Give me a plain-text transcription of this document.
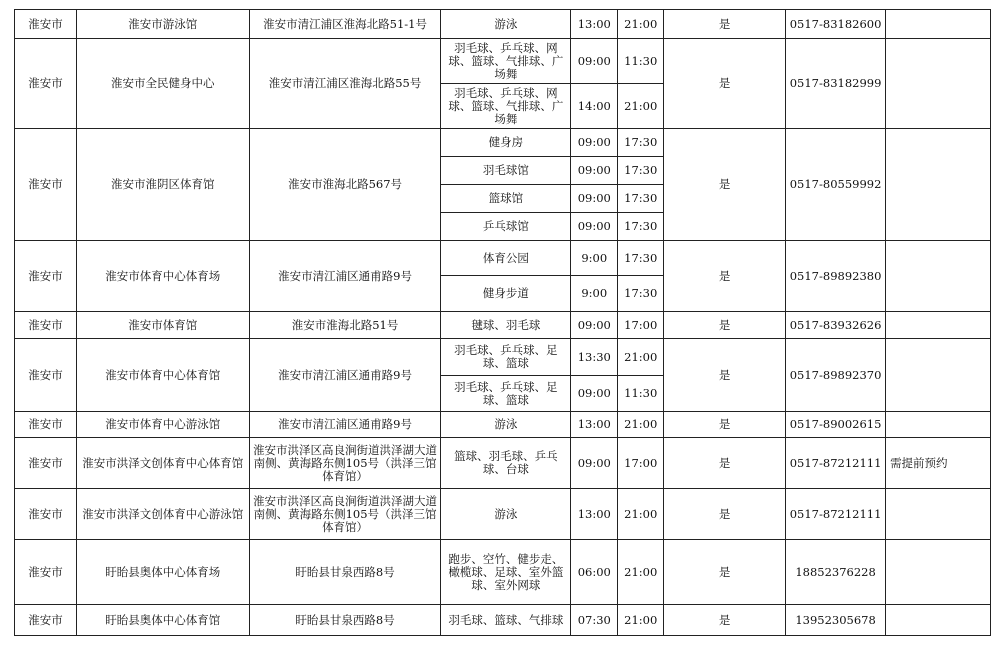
淮安市	淮安市游泳馆	淮安市清江浦区淮海北路51-1号	游泳	13:00	21:00	是	0517-83182600	
淮安市	淮安市全民健身中心	淮安市清江浦区淮海北路55号	羽毛球、乒乓球、网球、篮球、气排球、广场舞	09:00	11:30	是	0517-83182999	
			羽毛球、乒乓球、网球、篮球、气排球、广场舞	14:00	21:00			
淮安市	淮安市淮阴区体育馆	淮安市淮海北路567号	健身房	09:00	17:30	是	0517-80559992	
			羽毛球馆	09:00	17:30			
			篮球馆	09:00	17:30			
			乒乓球馆	09:00	17:30			
淮安市	淮安市体育中心体育场	淮安市清江浦区通甫路9号	体育公园	9:00	17:30	是	0517-89892380	
			健身步道	9:00	17:30			
淮安市	淮安市体育馆	淮安市淮海北路51号	毽球、羽毛球	09:00	17:00	是	0517-83932626	
淮安市	淮安市体育中心体育馆	淮安市清江浦区通甫路9号	羽毛球、乒乓球、足球、篮球	13:30	21:00	是	0517-89892370	
			羽毛球、乒乓球、足球、篮球	09:00	11:30			
淮安市	淮安市体育中心游泳馆	淮安市清江浦区通甫路9号	游泳	13:00	21:00	是	0517-89002615	
淮安市	淮安市洪泽文创体育中心体育馆	淮安市洪泽区高良涧街道洪泽湖大道南侧、黄海路东侧105号（洪泽三馆体育馆）	篮球、羽毛球、乒乓球、台球	09:00	17:00	是	0517-87212111	需提前预约
淮安市	淮安市洪泽文创体育中心游泳馆	淮安市洪泽区高良涧街道洪泽湖大道南侧、黄海路东侧105号（洪泽三馆体育馆）	游泳	13:00	21:00	是	0517-87212111	
淮安市	盱眙县奥体中心体育场	盱眙县甘泉西路8号	跑步、空竹、健步走、橄榄球、足球、室外篮球、室外网球	06:00	21:00	是	18852376228	
淮安市	盱眙县奥体中心体育馆	盱眙县甘泉西路8号	羽毛球、篮球、气排球	07:30	21:00	是	13952305678	
